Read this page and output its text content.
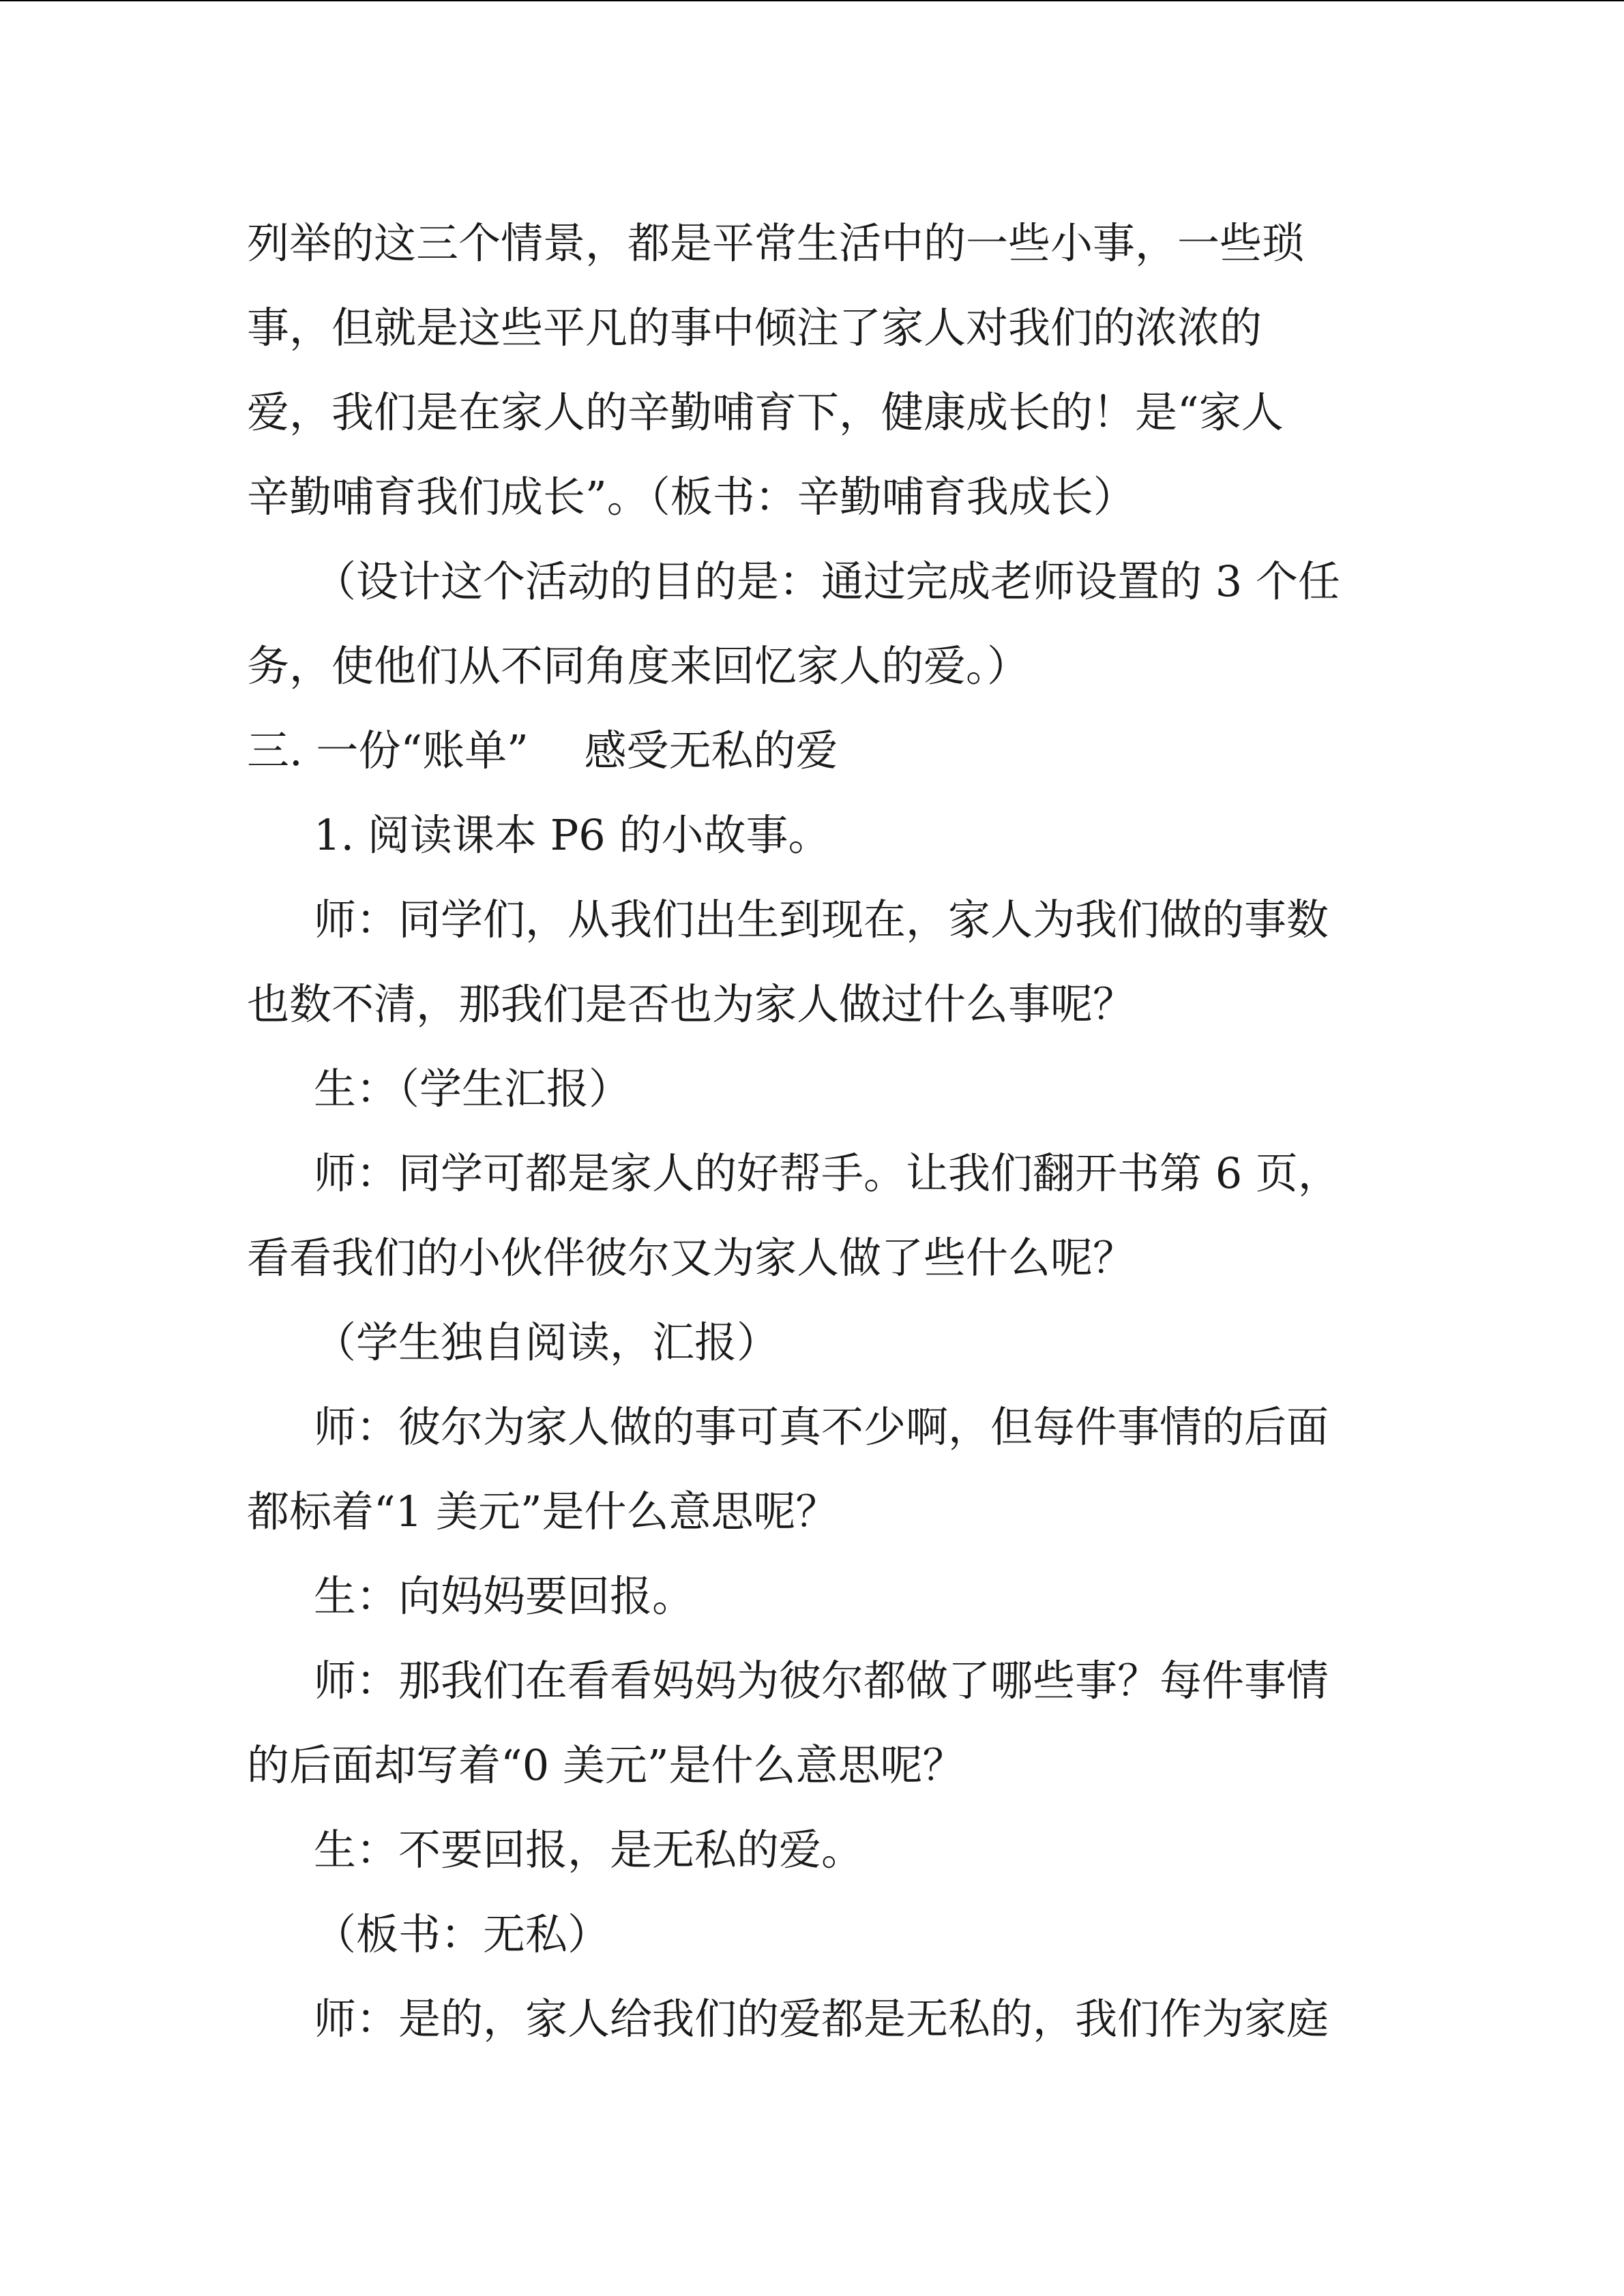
列举的这三个情景，都是平常生活中的一些小事，一些琐
事，但就是这些平凡的事中倾注了家人对我们的浓浓的
爱，我们是在家人的辛勤哺育下，健康成长的！是“家人
辛勤哺育我们成长”。（板书：辛勤哺育我成长）
（设计这个活动的目的是：通过完成老师设置的 3 个任
务，使他们从不同角度来回忆家人的爱。）
三. 一份“账单”　 感受无私的爱
1. 阅读课本 P6 的小故事。
师：同学们，从我们出生到现在，家人为我们做的事数
也数不清，那我们是否也为家人做过什么事呢？
生：（学生汇报）
师：同学可都是家人的好帮手。让我们翻开书第 6 页，
看看我们的小伙伴彼尔又为家人做了些什么呢？
（学生独自阅读，汇报）
师：彼尔为家人做的事可真不少啊，但每件事情的后面
都标着“1 美元”是什么意思呢？
生：向妈妈要回报。
师：那我们在看看妈妈为彼尔都做了哪些事？每件事情
的后面却写着“0 美元”是什么意思呢？
生：不要回报，是无私的爱。
（板书：无私）
师：是的，家人给我们的爱都是无私的，我们作为家庭
